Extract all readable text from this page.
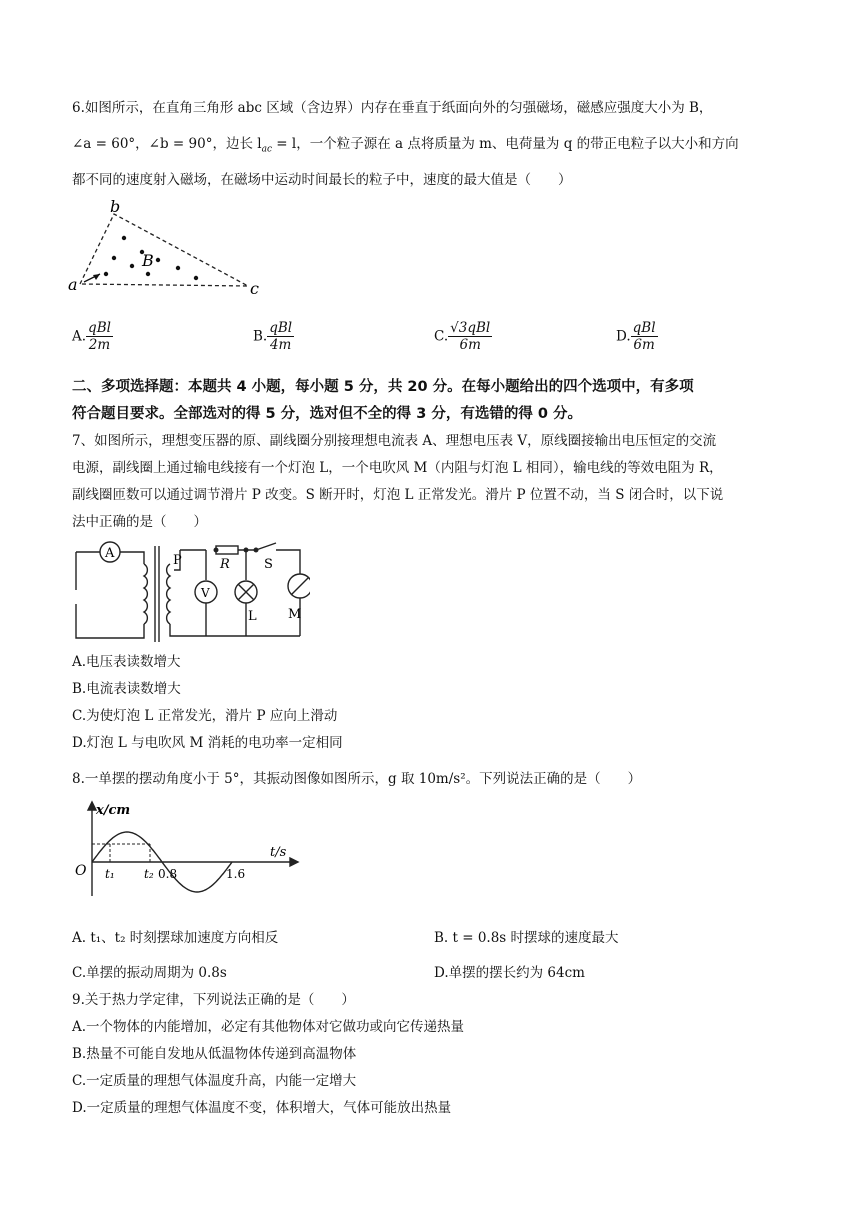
6.如图所示，在直角三角形 abc 区域（含边界）内存在垂直于纸面向外的匀强磁场，磁感应强度大小为 B，
∠a = 60°，∠b = 90°，边长 $l_{ac} = l$，一个粒子源在 a 点将质量为 m、电荷量为 q 的带正电粒子以大小和方向
都不同的速度射入磁场，在磁场中运动时间最长的粒子中，速度的最大值是（　　）
a
b
c
B
A. $\frac{\text{qBl}}{2m}$	B. $\frac{\text{qBl}}{4m}$	C. $\frac{\text{√3qBl}}{6m}$	D. $\frac{\text{qBl}}{6m}$
二、多项选择题：本题共 4 小题，每小题 5 分，共 20 分。在每小题给出的四个选项中，有多项
符合题目要求。全部选对的得 5 分，选对但不全的得 3 分，有选错的得 0 分。
7、如图所示，理想变压器的原、副线圈分别接理想电流表 A、理想电压表 V，原线圈接输出电压恒定的交流
电源，副线圈上通过输电线接有一个灯泡 L，一个电吹风 M（内阻与灯泡 L 相同），输电线的等效电阻为 R，
副线圈匝数可以通过调节滑片 P 改变。S 断开时，灯泡 L 正常发光。滑片 P 位置不动，当 S 闭合时，以下说
法中正确的是（　　）
A	P	R	S
V
L M
A.电压表读数增大
B.电流表读数增大
C.为使灯泡 L 正常发光，滑片 P 应向上滑动
D.灯泡 L 与电吹风 M 消耗的电功率一定相同
8.一单摆的摆动角度小于 5°，其振动图像如图所示，g 取 10m/s²。下列说法正确的是（　　）
x/cm
t/s
O t₁ t₂ 0.8	1.6
A. t₁、t₂ 时刻摆球加速度方向相反	B. t = 0.8s 时摆球的速度最大
C.单摆的振动周期为 0.8s	D.单摆的摆长约为 64cm
9.关于热力学定律，下列说法正确的是（　　）
A.一个物体的内能增加，必定有其他物体对它做功或向它传递热量
B.热量不可能自发地从低温物体传递到高温物体
C.一定质量的理想气体温度升高，内能一定增大
D.一定质量的理想气体温度不变，体积增大，气体可能放出热量
